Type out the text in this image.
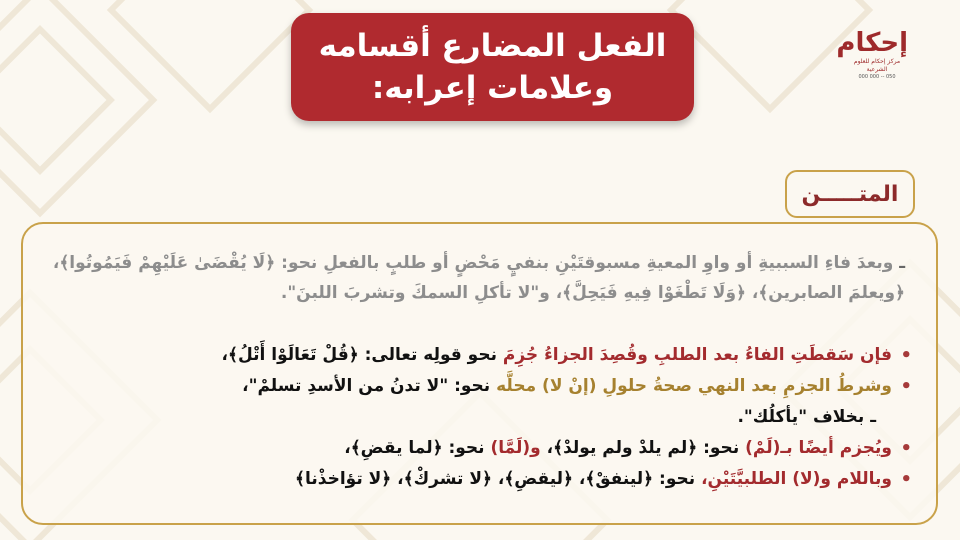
إحكام
مركز إحكام للعلوم الشرعية
050 -- 000 000
الفعل المضارع أقسامه
وعلامات إعرابه:
المتـــــن
ـ وبعدَ فاءِ السببيةِ أو واوِ المعيةِ مسبوقتَيْنِ بنفيٍ مَحْضٍ أو طلبٍ بالفعلِ نحو: ﴿لَا يُقْضَىٰ عَلَيْهِمْ فَيَمُوتُوا﴾، ﴿ويعلمَ الصابرين﴾، ﴿وَلَا تَطْغَوْا فِيهِ فَيَحِلَّ﴾، و"لا تأكلِ السمكَ وتشربَ اللبنَ".
• فإن سَقطَتِ الفاءُ بعد الطلبِ وقُصِدَ الجزاءُ جُزِمَ نحو قولِه تعالى: ﴿قُلْ تَعَالَوْا أَتْلُ﴾،
• وشرطُ الجزمِ بعد النهي صحةُ حلولِ (إنْ لا) محلَّه نحو: "لا تدنُ من الأسدِ تسلمْ"،
ـ بخلاف "يأكلُك".
• ويُجزم أيضًا بـ(لَمْ) نحو: ﴿لم يلدْ ولم يولدْ﴾، و(لَمَّا) نحو: ﴿لما يقضِ﴾،
• وباللام و(لا) الطلبيَّتَيْنِ، نحو: ﴿لينفقْ﴾، ﴿ليقضِ﴾، ﴿لا تشركْ﴾، ﴿لا تؤاخذْنا﴾
